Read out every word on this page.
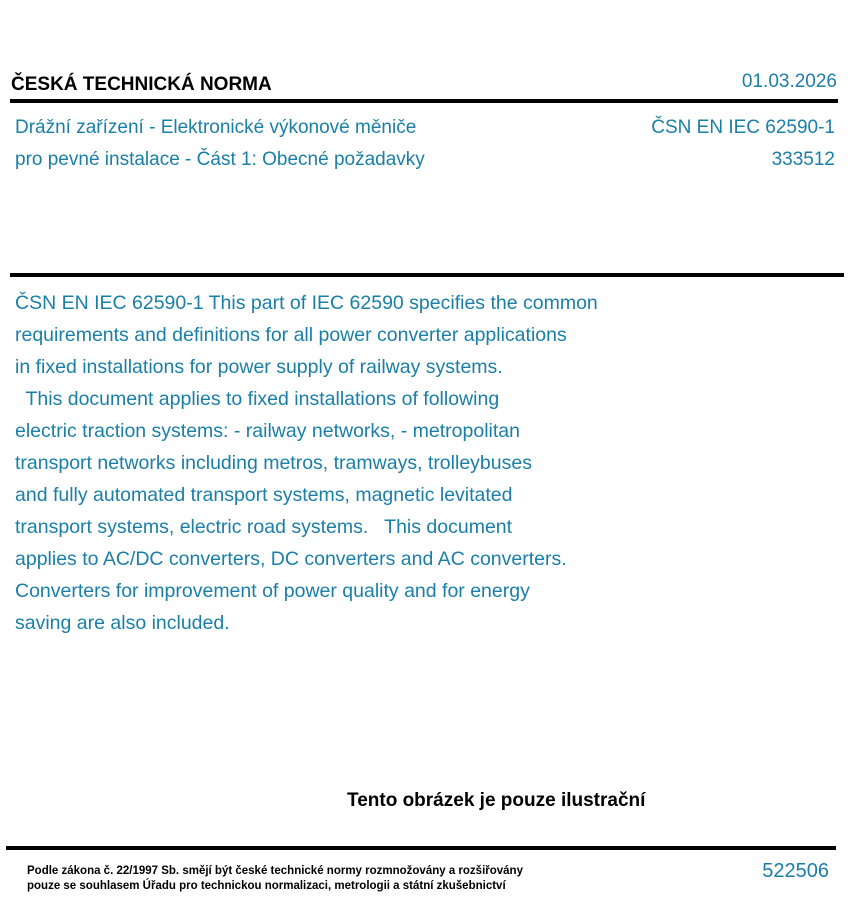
ČESKÁ TECHNICKÁ NORMA	01.03.2026
Drážní zařízení - Elektronické výkonové měniče
pro pevné instalace - Část 1: Obecné požadavky
ČSN EN IEC 62590-1
333512
ČSN EN IEC 62590-1 This part of IEC 62590 specifies the common
requirements and definitions for all power converter applications
in fixed installations for power supply of railway systems.
This document applies to fixed installations of following
electric traction systems: - railway networks, - metropolitan
transport networks including metros, tramways, trolleybuses
and fully automated transport systems, magnetic levitated
transport systems, electric road systems.   This document
applies to AC/DC converters, DC converters and AC converters.
Converters for improvement of power quality and for energy
saving are also included.
Tento obrázek je pouze ilustrační
Podle zákona č. 22/1997 Sb. smějí být české technické normy rozmnožovány a rozšiřovány
pouze se souhlasem Úřadu pro technickou normalizaci, metrologii a státní zkušebnictví
522506
